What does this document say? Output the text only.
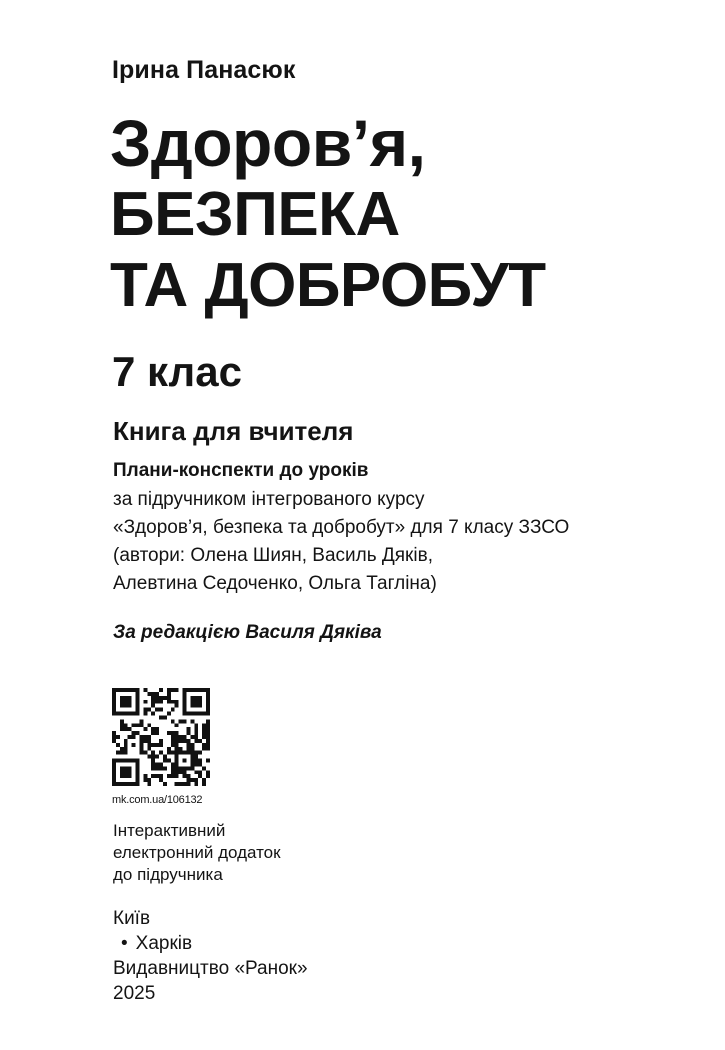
Ірина Панасюк
Здоров’я,
БЕЗПЕКА
ТА ДОБРОБУТ
7 клас
Книга для вчителя
Плани-конспекти до уроків
за підручником інтегрованого курсу
«Здоров’я, безпека та добробут» для 7 класу ЗЗСО
(автори: Олена Шиян, Василь Дяків,
Алевтина Седоченко, Ольга Таглiна)
За редакцією Василя Дяківа
mk.com.ua/106132
Інтерактивний
електронний додаток
до підручника
Київ
• Харків
Видавництво «Ранок»
2025
